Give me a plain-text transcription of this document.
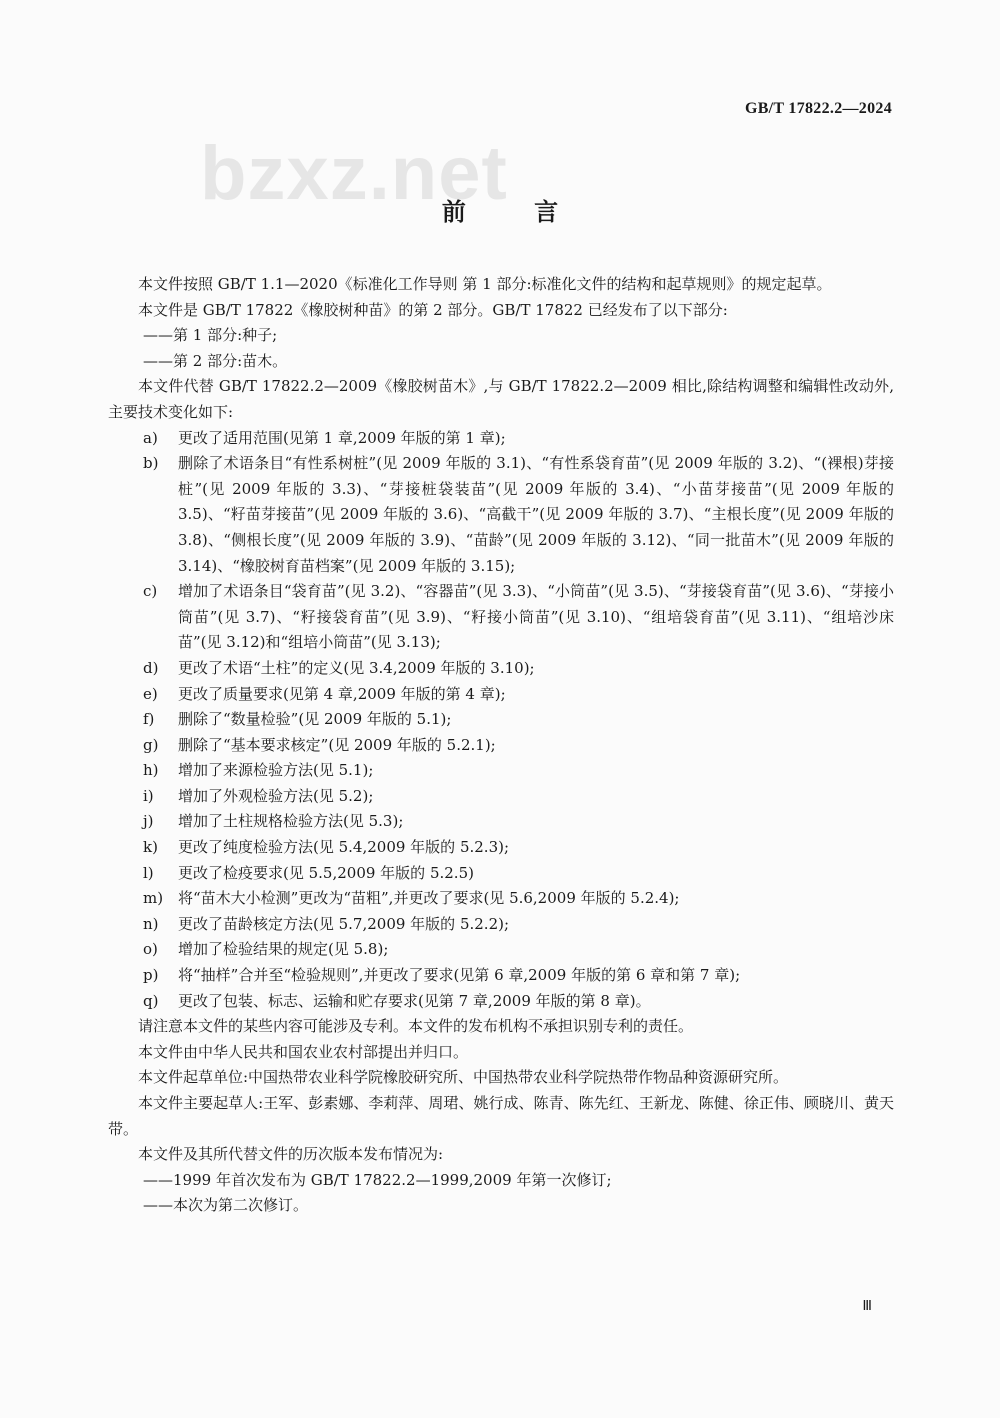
bzxz.net
GB/T 17822.2—2024
前 言

本文件按照 GB/T 1.1—2020《标准化工作导则 第 1 部分:标准化文件的结构和起草规则》的规定起草。

本文件是 GB/T 17822《橡胶树种苗》的第 2 部分。GB/T 17822 已经发布了以下部分:

——第 1 部分:种子;

——第 2 部分:苗木。

本文件代替 GB/T 17822.2—2009《橡胶树苗木》,与 GB/T 17822.2—2009 相比,除结构调整和编辑性改动外,主要技术变化如下:

a)	更改了适用范围(见第 1 章,2009 年版的第 1 章);
b)	删除了术语条目“有性系树桩”(见 2009 年版的 3.1)、“有性系袋育苗”(见 2009 年版的 3.2)、“(裸根)芽接桩”(见 2009 年版的 3.3)、“芽接桩袋装苗”(见 2009 年版的 3.4)、“小苗芽接苗”(见 2009 年版的 3.5)、“籽苗芽接苗”(见 2009 年版的 3.6)、“高截干”(见 2009 年版的 3.7)、“主根长度”(见 2009 年版的 3.8)、“侧根长度”(见 2009 年版的 3.9)、“苗龄”(见 2009 年版的 3.12)、“同一批苗木”(见 2009 年版的 3.14)、“橡胶树育苗档案”(见 2009 年版的 3.15);
c)	增加了术语条目“袋育苗”(见 3.2)、“容器苗”(见 3.3)、“小筒苗”(见 3.5)、“芽接袋育苗”(见 3.6)、“芽接小筒苗”(见 3.7)、“籽接袋育苗”(见 3.9)、“籽接小筒苗”(见 3.10)、“组培袋育苗”(见 3.11)、“组培沙床苗”(见 3.12)和“组培小筒苗”(见 3.13);
d)	更改了术语“土柱”的定义(见 3.4,2009 年版的 3.10);
e)	更改了质量要求(见第 4 章,2009 年版的第 4 章);
f)	删除了“数量检验”(见 2009 年版的 5.1);
g)	删除了“基本要求核定”(见 2009 年版的 5.2.1);
h)	增加了来源检验方法(见 5.1);
i)	增加了外观检验方法(见 5.2);
j)	增加了土柱规格检验方法(见 5.3);
k)	更改了纯度检验方法(见 5.4,2009 年版的 5.2.3);
l)	更改了检疫要求(见 5.5,2009 年版的 5.2.5)
m) 将“苗木大小检测”更改为“苗粗”,并更改了要求(见 5.6,2009 年版的 5.2.4);
n)	更改了苗龄核定方法(见 5.7,2009 年版的 5.2.2);
o)	增加了检验结果的规定(见 5.8);
p)	将“抽样”合并至“检验规则”,并更改了要求(见第 6 章,2009 年版的第 6 章和第 7 章);
q)	更改了包装、标志、运输和贮存要求(见第 7 章,2009 年版的第 8 章)。

请注意本文件的某些内容可能涉及专利。本文件的发布机构不承担识别专利的责任。

本文件由中华人民共和国农业农村部提出并归口。

本文件起草单位:中国热带农业科学院橡胶研究所、中国热带农业科学院热带作物品种资源研究所。

本文件主要起草人:王军、彭素娜、李莉萍、周珺、姚行成、陈青、陈先红、王新龙、陈健、徐正伟、顾晓川、黄天带。

本文件及其所代替文件的历次版本发布情况为:

——1999 年首次发布为 GB/T 17822.2—1999,2009 年第一次修订;

——本次为第二次修订。

Ⅲ
